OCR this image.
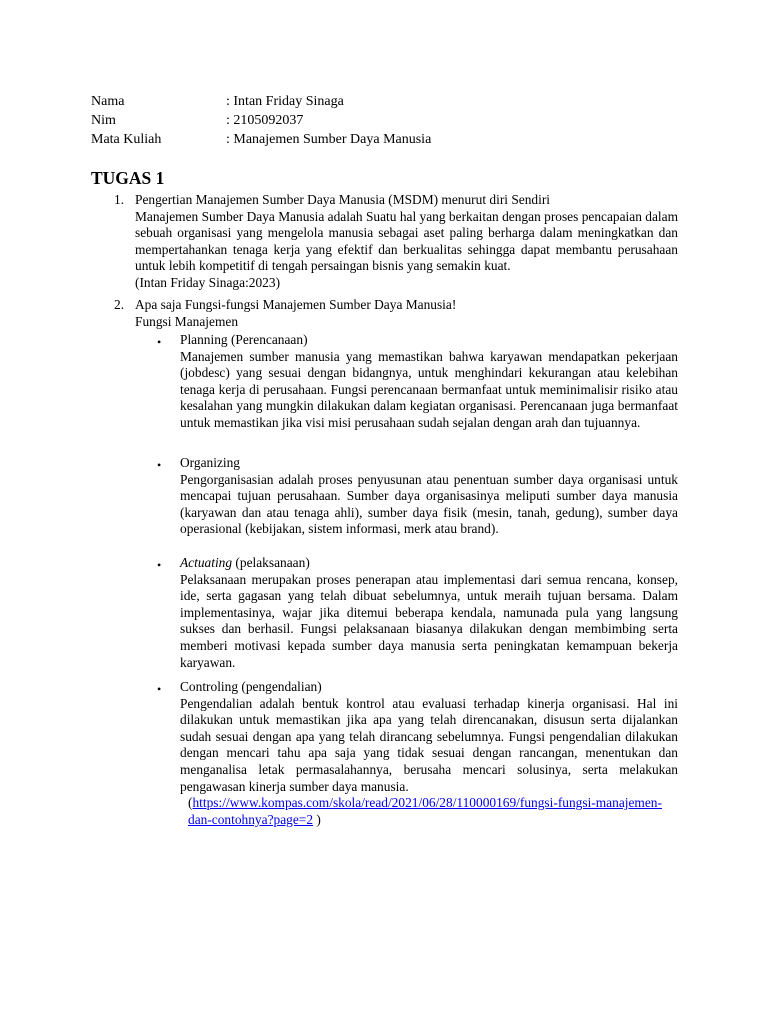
Nama	: Intan Friday Sinaga
Nim	: 2105092037
Mata Kuliah	: Manajemen Sumber Daya Manusia
TUGAS 1
1. Pengertian Manajemen Sumber Daya Manusia (MSDM) menurut diri Sendiri
Manajemen Sumber Daya Manusia adalah Suatu hal yang berkaitan dengan proses pencapaian dalam sebuah organisasi yang mengelola manusia sebagai aset paling berharga dalam meningkatkan dan mempertahankan tenaga kerja yang efektif dan berkualitas sehingga dapat membantu perusahaan untuk lebih kompetitif di tengah persaingan bisnis yang semakin kuat.
(Intan Friday Sinaga:2023)
2. Apa saja Fungsi-fungsi Manajemen Sumber Daya Manusia!
Fungsi Manajemen
• Planning (Perencanaan)
Manajemen sumber manusia yang memastikan bahwa karyawan mendapatkan pekerjaan (jobdesc) yang sesuai dengan bidangnya, untuk menghindari kekurangan atau kelebihan tenaga kerja di perusahaan. Fungsi perencanaan bermanfaat untuk meminimalisir risiko atau kesalahan yang mungkin dilakukan dalam kegiatan organisasi. Perencanaan juga bermanfaat untuk memastikan jika visi misi perusahaan sudah sejalan dengan arah dan tujuannya.
• Organizing
Pengorganisasian adalah proses penyusunan atau penentuan sumber daya organisasi untuk mencapai tujuan perusahaan. Sumber daya organisasinya meliputi sumber daya manusia (karyawan dan atau tenaga ahli), sumber daya fisik (mesin, tanah, gedung), sumber daya operasional (kebijakan, sistem informasi, merk atau brand).
• Actuating (pelaksanaan)
Pelaksanaan merupakan proses penerapan atau implementasi dari semua rencana, konsep, ide, serta gagasan yang telah dibuat sebelumnya, untuk meraih tujuan bersama. Dalam implementasinya, wajar jika ditemui beberapa kendala, namunada pula yang langsung sukses dan berhasil. Fungsi pelaksanaan biasanya dilakukan dengan membimbing serta memberi motivasi kepada sumber daya manusia serta peningkatan kemampuan bekerja karyawan.
• Controling (pengendalian)
Pengendalian adalah bentuk kontrol atau evaluasi terhadap kinerja organisasi. Hal ini dilakukan untuk memastikan jika apa yang telah direncanakan, disusun serta dijalankan sudah sesuai dengan apa yang telah dirancang sebelumnya. Fungsi pengendalian dilakukan dengan mencari tahu apa saja yang tidak sesuai dengan rancangan, menentukan dan menganalisa letak permasalahannya, berusaha mencari solusinya, serta melakukan pengawasan kinerja sumber daya manusia.
(https://www.kompas.com/skola/read/2021/06/28/110000169/fungsi-fungsi-manajemen-dan-contohnya?page=2 )
